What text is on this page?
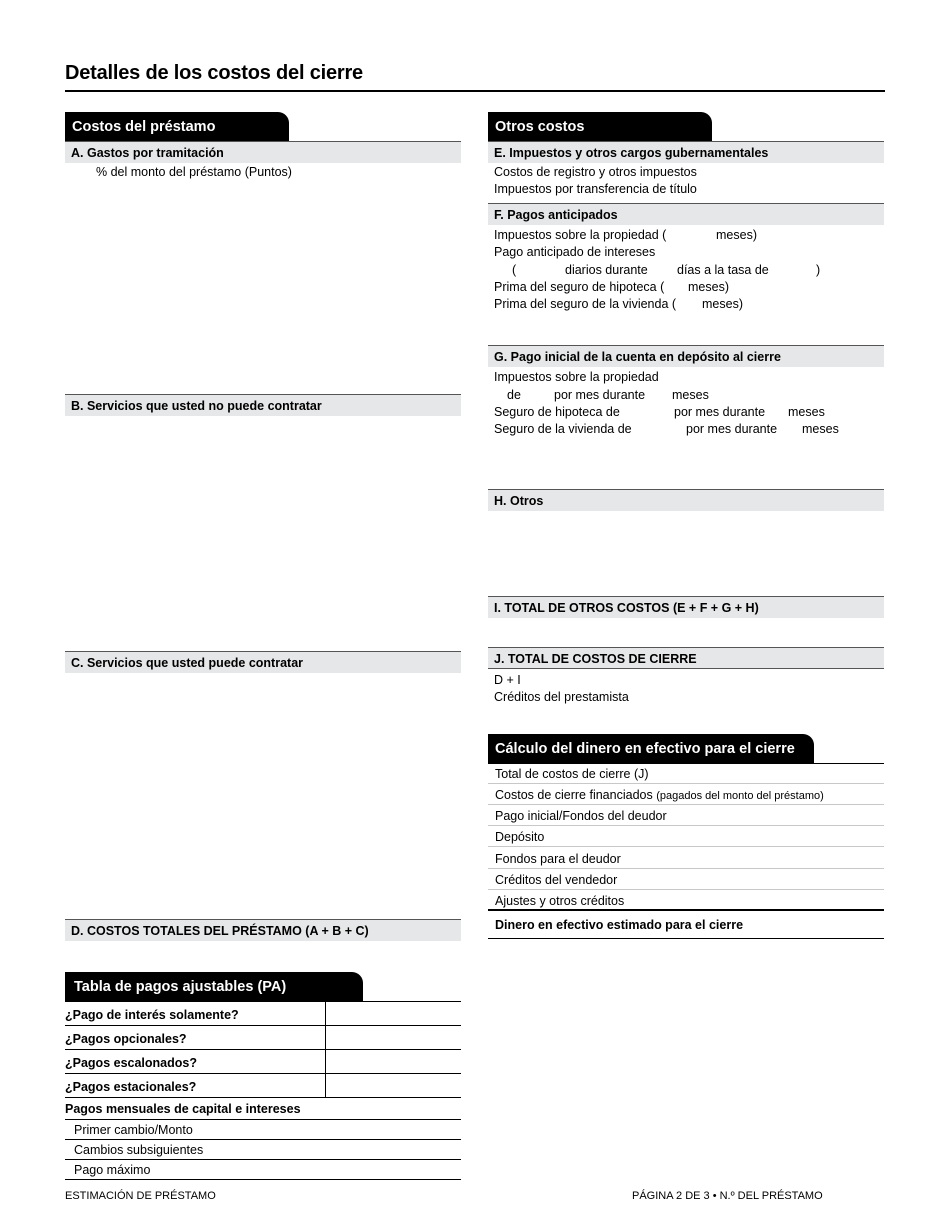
Detalles de los costos del cierre
Costos del préstamo
A. Gastos por tramitación
% del monto del préstamo (Puntos)
B. Servicios que usted no puede contratar
C. Servicios que usted puede contratar
D. COSTOS TOTALES DEL PRÉSTAMO (A + B + C)
Otros costos
E. Impuestos y otros cargos gubernamentales
Costos de registro y otros impuestos
Impuestos por transferencia de título
F. Pagos anticipados
Impuestos sobre la propiedad (	meses)
Pago anticipado de intereses
(	diarios durante días a la tasa de	)
Prima del seguro de hipoteca ( meses)
Prima del seguro de la vivienda ( meses)
G. Pago inicial de la cuenta en depósito al cierre
Impuestos sobre la propiedad
de	por mes durante meses
Seguro de hipoteca de	por mes durante meses
Seguro de la vivienda de	por mes durante meses
H. Otros
I. TOTAL DE OTROS COSTOS (E + F + G + H)
J. TOTAL DE COSTOS DE CIERRE
D + I
Créditos del prestamista
Cálculo del dinero en efectivo para el cierre
Total de costos de cierre (J)
Costos de cierre financiados (pagados del monto del préstamo)
Pago inicial/Fondos del deudor
Depósito
Fondos para el deudor
Créditos del vendedor
Ajustes y otros créditos
Dinero en efectivo estimado para el cierre
Tabla de pagos ajustables (PA)
¿Pago de interés solamente?
¿Pagos opcionales?
¿Pagos escalonados?
¿Pagos estacionales?
Pagos mensuales de capital e intereses
Primer cambio/Monto
Cambios subsiguientes
Pago máximo
ESTIMACIÓN DE PRÉSTAMO	PÁGINA 2 DE 3 • N.º DEL PRÉSTAMO
